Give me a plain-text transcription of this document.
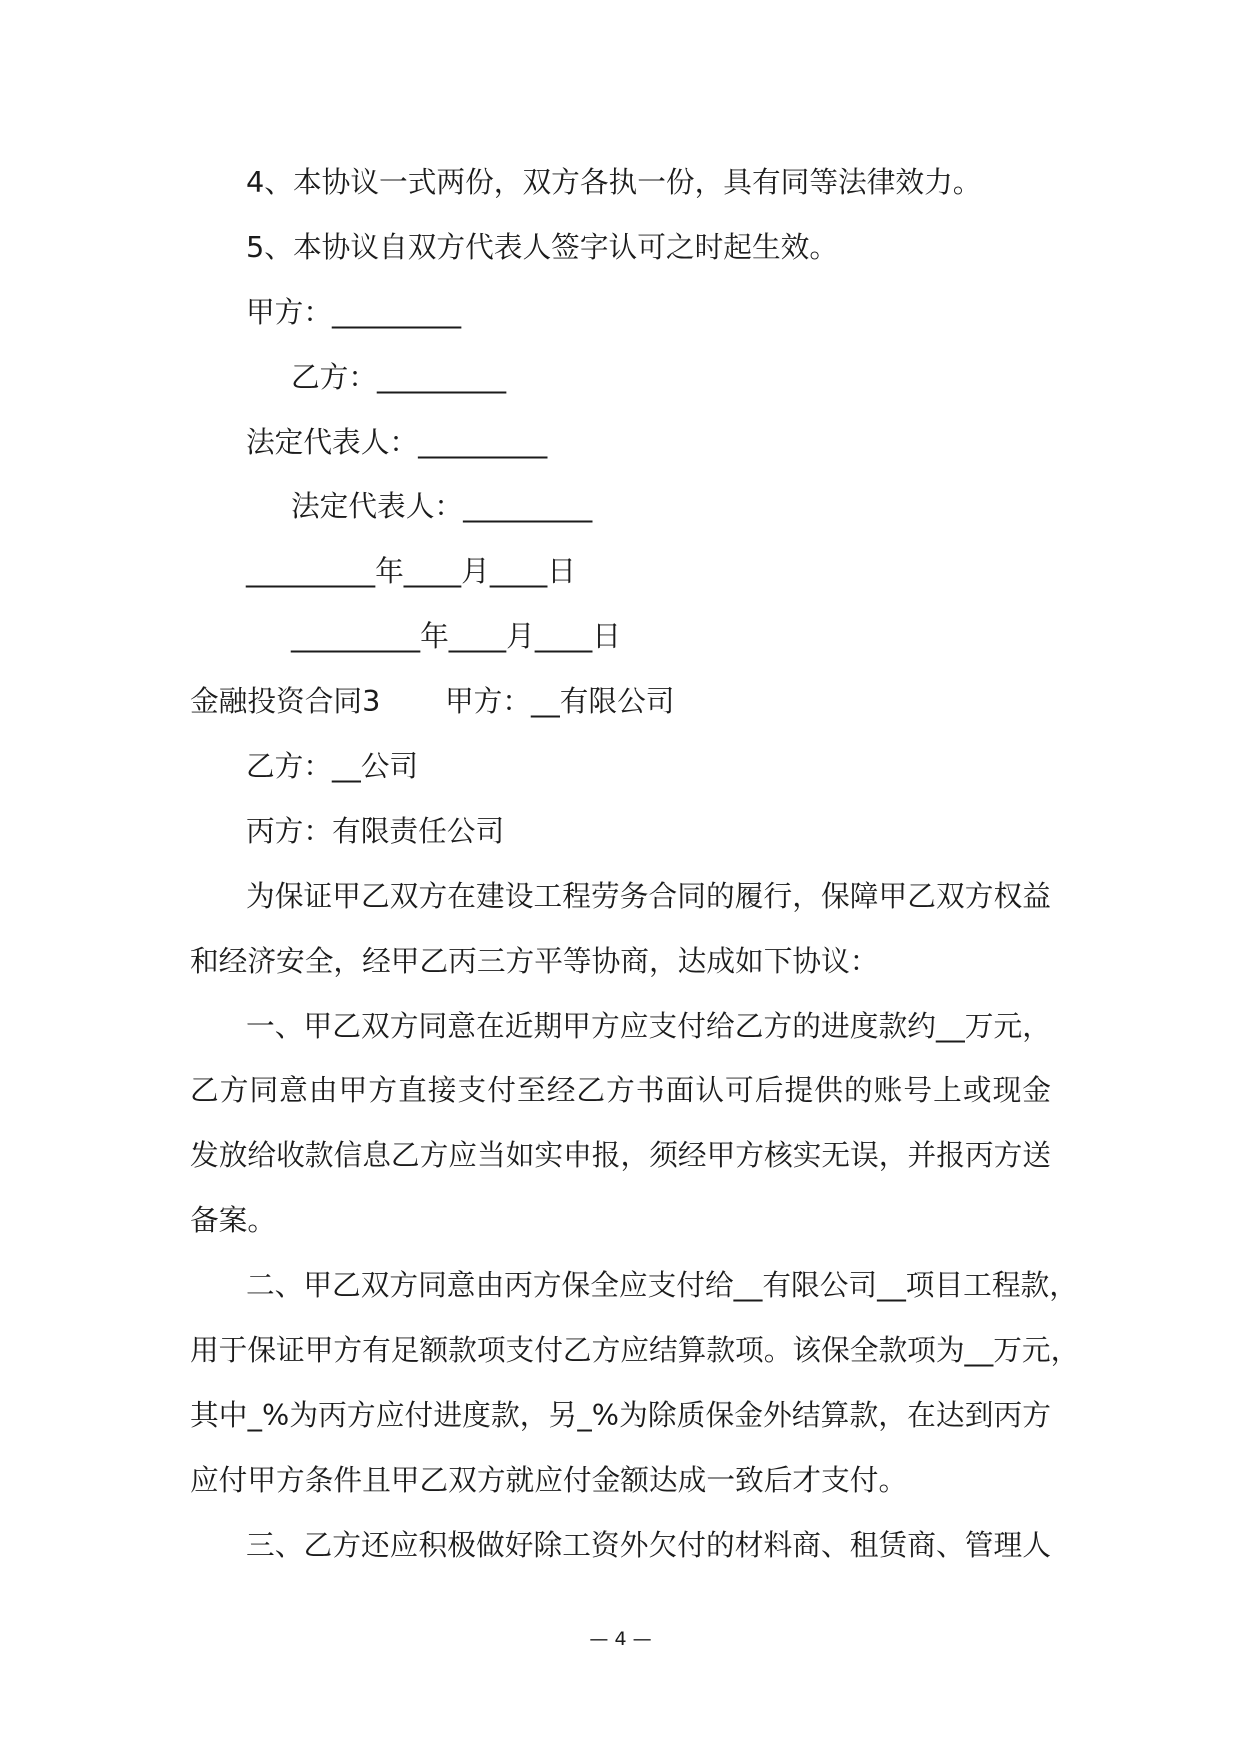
4、本协议一式两份，双方各执一份，具有同等法律效力。
5、本协议自双方代表人签字认可之时起生效。
甲方：_________
乙方：_________
法定代表人：_________
法定代表人：_________
_________年____月____日
_________年____月____日
金融投资合同3 甲方：__有限公司
乙方：__公司
丙方：有限责任公司
为保证甲乙双方在建设工程劳务合同的履行，保障甲乙双方权益
和经济安全，经甲乙丙三方平等协商，达成如下协议：
一、甲乙双方同意在近期甲方应支付给乙方的进度款约__万元，
乙方同意由甲方直接支付至经乙方书面认可后提供的账号上或现金
发放给收款信息乙方应当如实申报，须经甲方核实无误，并报丙方送
备案。
二、甲乙双方同意由丙方保全应支付给__有限公司__项目工程款，
用于保证甲方有足额款项支付乙方应结算款项。该保全款项为__万元，
其中_%为丙方应付进度款，另_%为除质保金外结算款，在达到丙方
应付甲方条件且甲乙双方就应付金额达成一致后才支付。
三、乙方还应积极做好除工资外欠付的材料商、租赁商、管理人
— 4 —
